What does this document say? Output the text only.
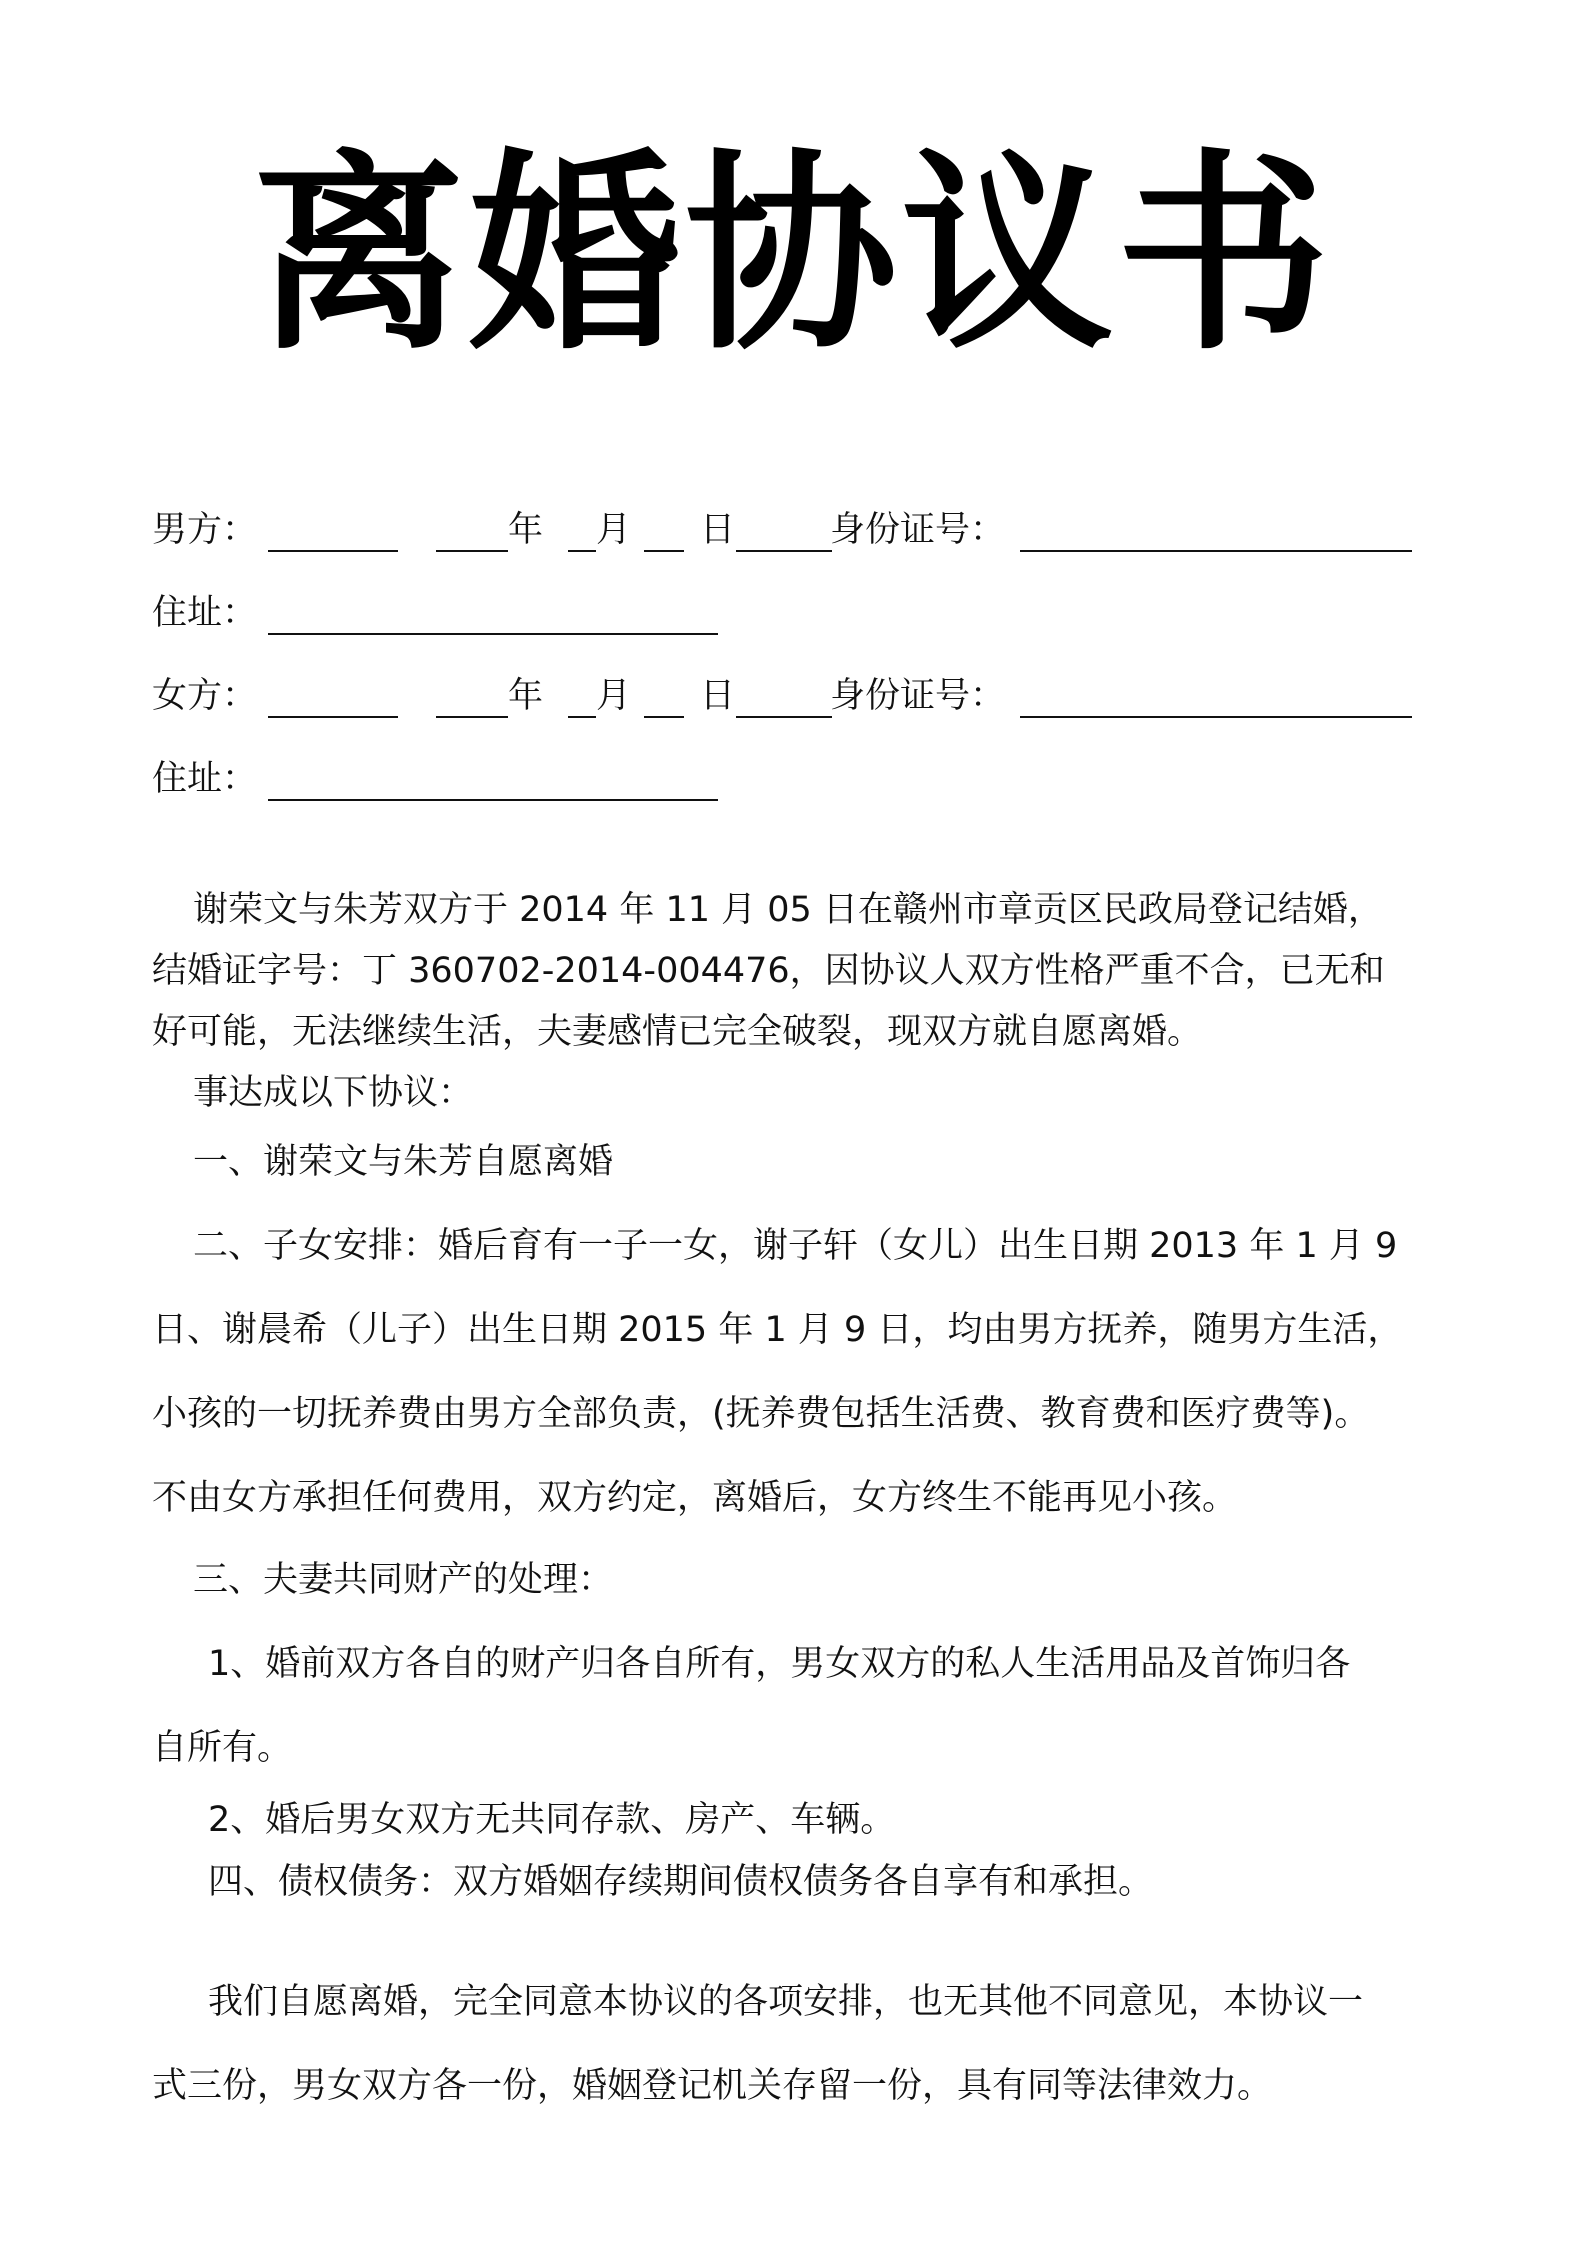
离婚协议书
男方：	年 月 日	身份证号：
住址：
女方：	年 月 日	身份证号：
住址：
谢荣文与朱芳双方于 2014 年 11 月 05 日在赣州市章贡区民政局登记结婚，
结婚证字号：丁 360702-2014-004476，因协议人双方性格严重不合，已无和
好可能，无法继续生活，夫妻感情已完全破裂，现双方就自愿离婚。
事达成以下协议：
一、谢荣文与朱芳自愿离婚
二、子女安排：婚后育有一子一女，谢子轩（女儿）出生日期 2013 年 1 月 9
日、谢晨希（儿子）出生日期 2015 年 1 月 9 日，均由男方抚养，随男方生活，
小孩的一切抚养费由男方全部负责，(抚养费包括生活费、教育费和医疗费等)。
不由女方承担任何费用，双方约定，离婚后，女方终生不能再见小孩。
三、夫妻共同财产的处理：
1、婚前双方各自的财产归各自所有，男女双方的私人生活用品及首饰归各
自所有。
2、婚后男女双方无共同存款、房产、车辆。
四、债权债务：双方婚姻存续期间债权债务各自享有和承担。
我们自愿离婚，完全同意本协议的各项安排，也无其他不同意见，本协议一
式三份，男女双方各一份，婚姻登记机关存留一份，具有同等法律效力。
